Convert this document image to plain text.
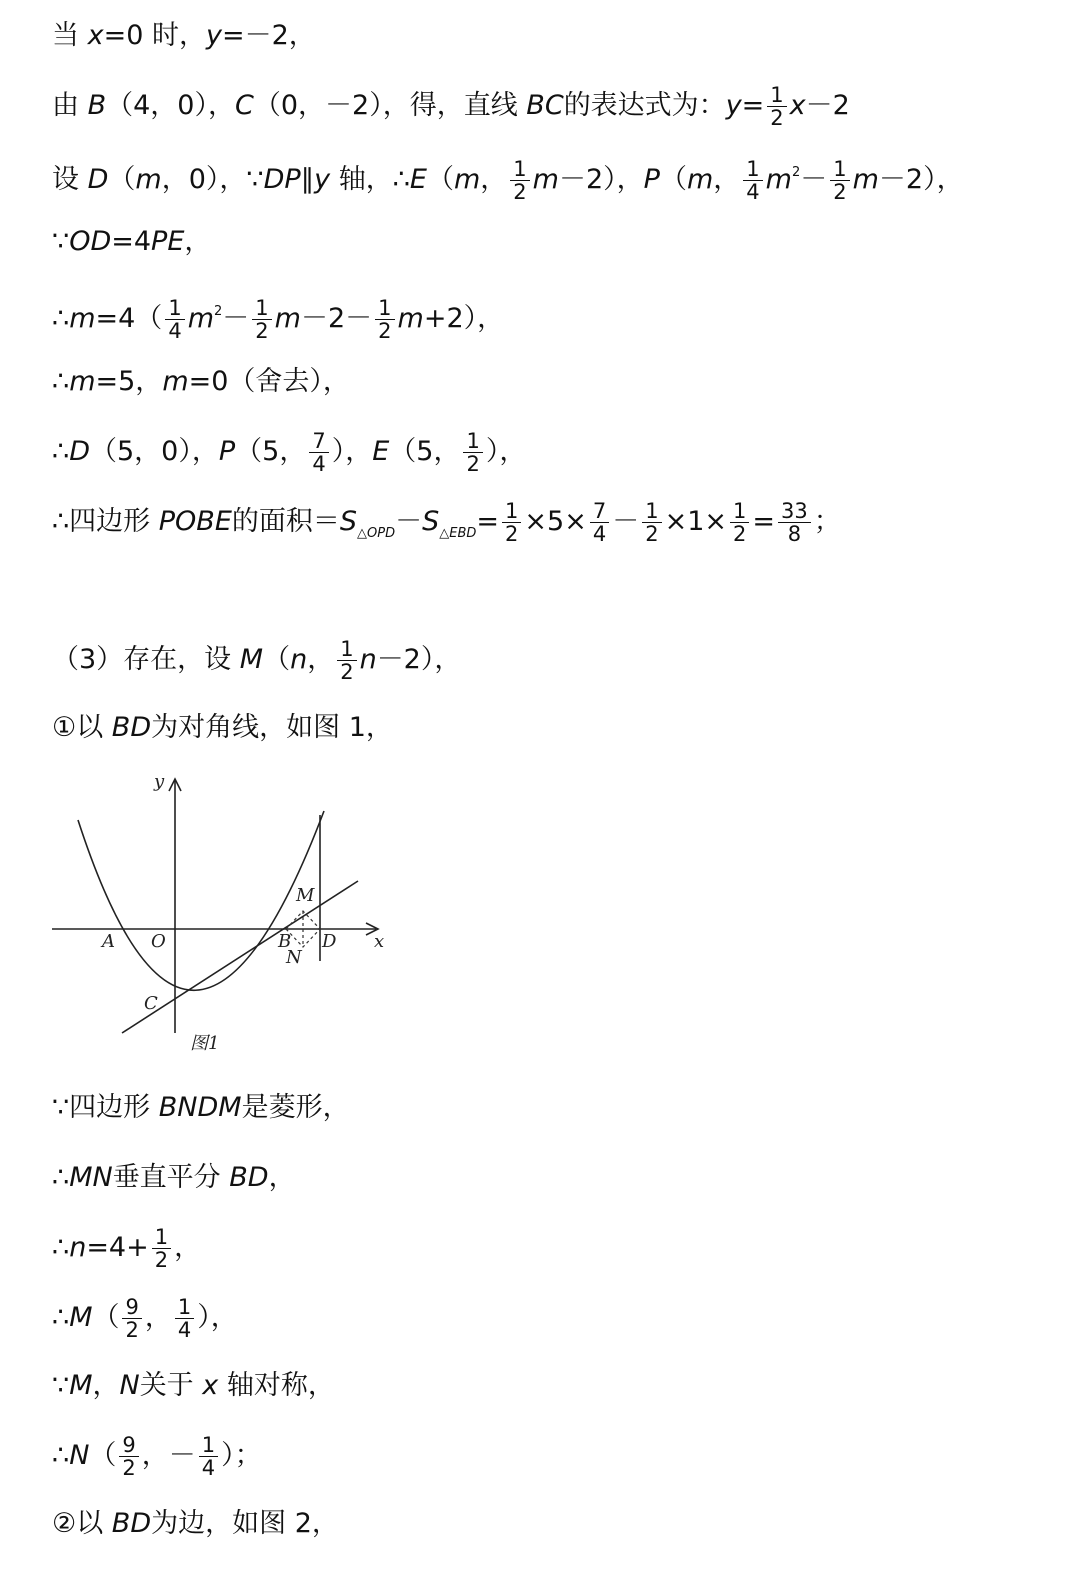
当 x=0 时，y=－2，
由 B（4，0），C（0，－2），得，直线 BC的表达式为：$y= \frac{1}{2} x-2$
设 D（m，0），∵DP∥y 轴，∴E（m， $\frac{1}{2} m-2$），P（m， $\frac{1}{4} m^2- \frac{1}{2} m-2$），
∵OD=4PE，
∴m=4（ $\frac{1}{4} m^2- \frac{1}{2} m-2- \frac{1}{2} m+2$），
∴m=5，m=0（舍去），
∴D（5，0），P（5， $\frac{7}{4}$ ），E（5， $\frac{1}{2}$ ），
∴四边形 POBE的面积$=S_{\triangle OPD}-S_{\triangle EBD}= \frac{1}{2} \times 5\times \frac{7}{4} - \frac{1}{2} \times 1\times \frac{1}{2} = \frac{33}{8}$ ；
（3）存在，设 M（n， $\frac{1}{2} n-2$），
①以 BD为对角线，如图 1，
y
x
A O	B D
C
M
N
图1
∵四边形 BNDM是菱形，
∴MN垂直平分 BD，
∴n=4+ $\frac{1}{2}$ ，
∴M（ $\frac{9}{2}$ ， $\frac{1}{4}$ ），
∵M，N关于 x 轴对称，
∴N（ $\frac{9}{2}$ ，－ $\frac{1}{4}$ ）；
②以 BD为边，如图 2，
